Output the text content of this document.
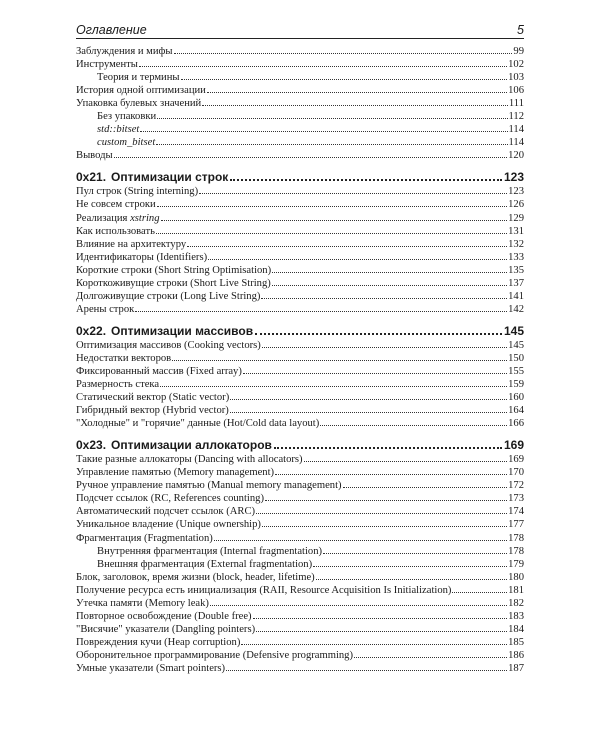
Оглавление	5
Заблуждения и мифы	99
Инструменты	102
Теория и термины	103
История одной оптимизации	106
Упаковка булевых значений	111
Без упаковки	112
std::bitset	114
custom_bitset	114
Выводы	120
0x21. Оптимизации строк	123
Пул строк (String interning)	123
Не совсем строки	126
Реализация xstring	129
Как использовать	131
Влияние на архитектуру	132
Идентификаторы (Identifiers)	133
Короткие строки (Short String Optimisation)	135
Короткоживущие строки (Short Live String)	137
Долгоживущие строки (Long Live String)	141
Арены строк	142
0x22. Оптимизации массивов	145
Оптимизация массивов (Cooking vectors)	145
Недостатки векторов	150
Фиксированный массив (Fixed array)	155
Размерность стека	159
Статический вектор (Static vector)	160
Гибридный вектор (Hybrid vector)	164
"Холодные" и "горячие" данные (Hot/Cold data layout)	166
0x23. Оптимизации аллокаторов	169
Такие разные аллокаторы (Dancing with allocators)	169
Управление памятью (Memory management)	170
Ручное управление памятью (Manual memory management)	172
Подсчет ссылок (RC, References counting)	173
Автоматический подсчет ссылок (ARC)	174
Уникальное владение (Unique ownership)	177
Фрагментация (Fragmentation)	178
Внутренняя фрагментация (Internal fragmentation)	178
Внешняя фрагментация (External fragmentation)	179
Блок, заголовок, время жизни (block, header, lifetime)	180
Получение ресурса есть инициализация (RAII, Resource Acquisition Is Initialization)	181
Утечка памяти (Memory leak)	182
Повторное освобождение (Double free)	183
"Висячие" указатели (Dangling pointers)	184
Повреждения кучи (Heap corruption)	185
Оборонительное программирование (Defensive programming)	186
Умные указатели (Smart pointers)	187
